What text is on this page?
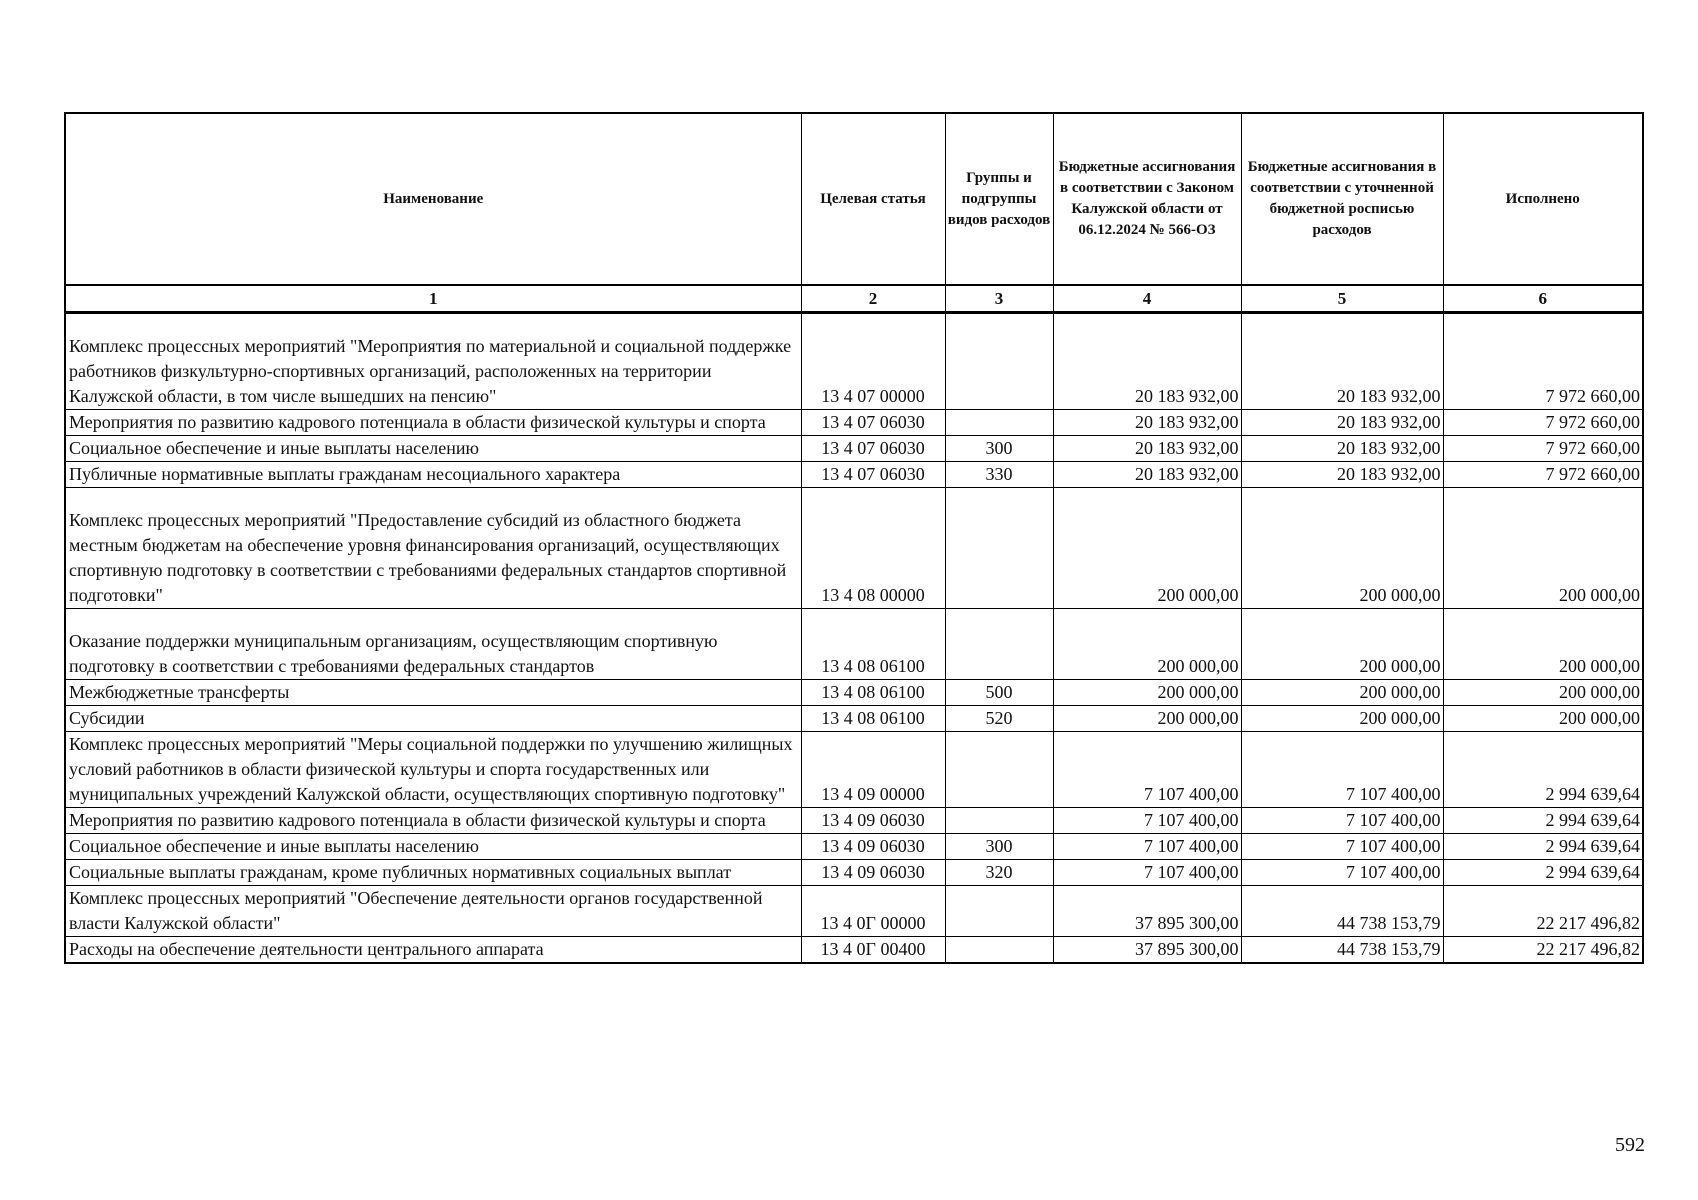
Наименование	Целевая статья	Группы и подгруппы видов расходов	Бюджетные ассигнования в соответствии с Законом Калужской области от 06.12.2024 № 566-ОЗ	Бюджетные ассигнования в соответствии с уточненной бюджетной росписью расходов	Исполнено
1	2	3	4	5	6

Комплекс процессных мероприятий "Мероприятия по материальной и социальной поддержке работников физкультурно-спортивных организаций, расположенных на территории Калужской области, в том числе вышедших на пенсию"	13 4 07 00000		20 183 932,00	20 183 932,00	7 972 660,00
Мероприятия по развитию кадрового потенциала в области физической культуры и спорта	13 4 07 06030		20 183 932,00	20 183 932,00	7 972 660,00
Социальное обеспечение и иные выплаты населению	13 4 07 06030	300	20 183 932,00	20 183 932,00	7 972 660,00
Публичные нормативные выплаты гражданам несоциального характера	13 4 07 06030	330	20 183 932,00	20 183 932,00	7 972 660,00

Комплекс процессных мероприятий "Предоставление субсидий из областного бюджета местным бюджетам на обеспечение уровня финансирования организаций, осуществляющих спортивную подготовку в соответствии с требованиями федеральных стандартов спортивной подготовки"	13 4 08 00000		200 000,00	200 000,00	200 000,00

Оказание поддержки муниципальным организациям, осуществляющим спортивную подготовку в соответствии с требованиями федеральных стандартов	13 4 08 06100		200 000,00	200 000,00	200 000,00
Межбюджетные трансферты	13 4 08 06100	500	200 000,00	200 000,00	200 000,00
Субсидии	13 4 08 06100	520	200 000,00	200 000,00	200 000,00
Комплекс процессных мероприятий "Меры социальной поддержки по улучшению жилищных условий работников в области физической культуры и спорта государственных или муниципальных учреждений Калужской области, осуществляющих спортивную подготовку"	13 4 09 00000		7 107 400,00	7 107 400,00	2 994 639,64
Мероприятия по развитию кадрового потенциала в области физической культуры и спорта	13 4 09 06030		7 107 400,00	7 107 400,00	2 994 639,64
Социальное обеспечение и иные выплаты населению	13 4 09 06030	300	7 107 400,00	7 107 400,00	2 994 639,64
Социальные выплаты гражданам, кроме публичных нормативных социальных выплат	13 4 09 06030	320	7 107 400,00	7 107 400,00	2 994 639,64
Комплекс процессных мероприятий "Обеспечение деятельности органов государственной власти Калужской области"	13 4 0Г 00000		37 895 300,00	44 738 153,79	22 217 496,82
Расходы на обеспечение деятельности центрального аппарата	13 4 0Г 00400		37 895 300,00	44 738 153,79	22 217 496,82
592
